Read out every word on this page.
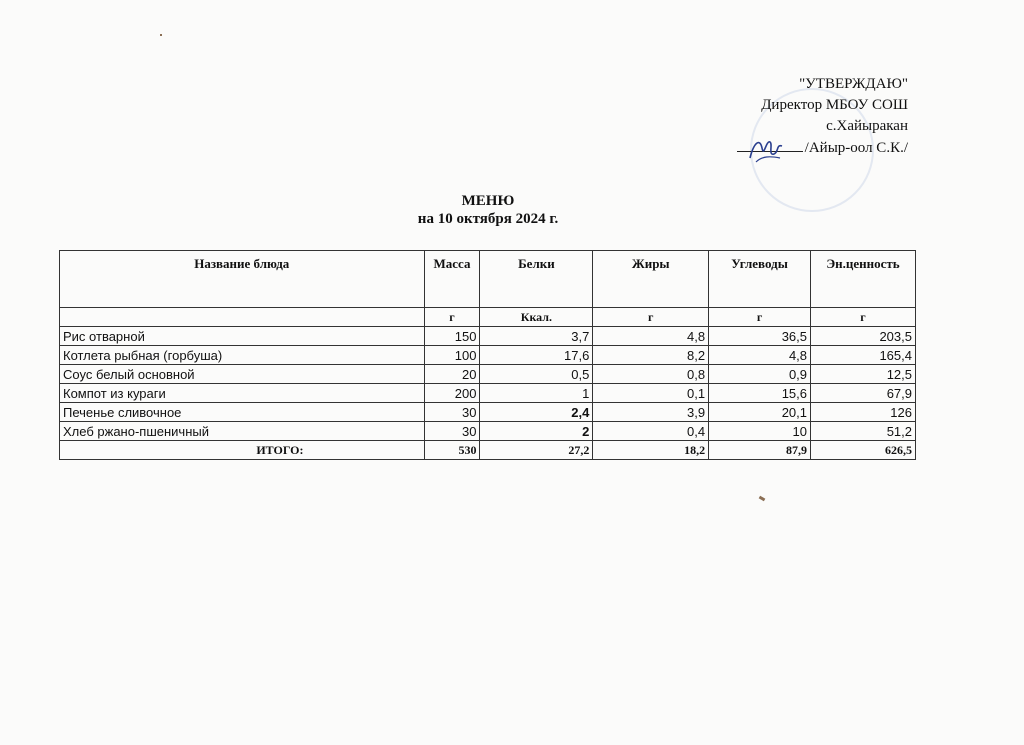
"УТВЕРЖДАЮ"
Директор МБОУ СОШ
с.Хайыракан
/Айыр-оол С.К./
МЕНЮ
на 10 октября 2024 г.
Название блюда	Масса	Белки	Жиры	Углеводы	Эн.ценность
	г	Ккал.	г	г	г
Рис отварной	150	3,7	4,8	36,5	203,5
Котлета рыбная (горбуша)	100	17,6	8,2	4,8	165,4
Соус белый основной	20	0,5	0,8	0,9	12,5
Компот из кураги	200	1	0,1	15,6	67,9
Печенье сливочное	30	2,4	3,9	20,1	126
Хлеб ржано-пшеничный	30	2	0,4	10	51,2
ИТОГО:	530	27,2	18,2	87,9	626,5
